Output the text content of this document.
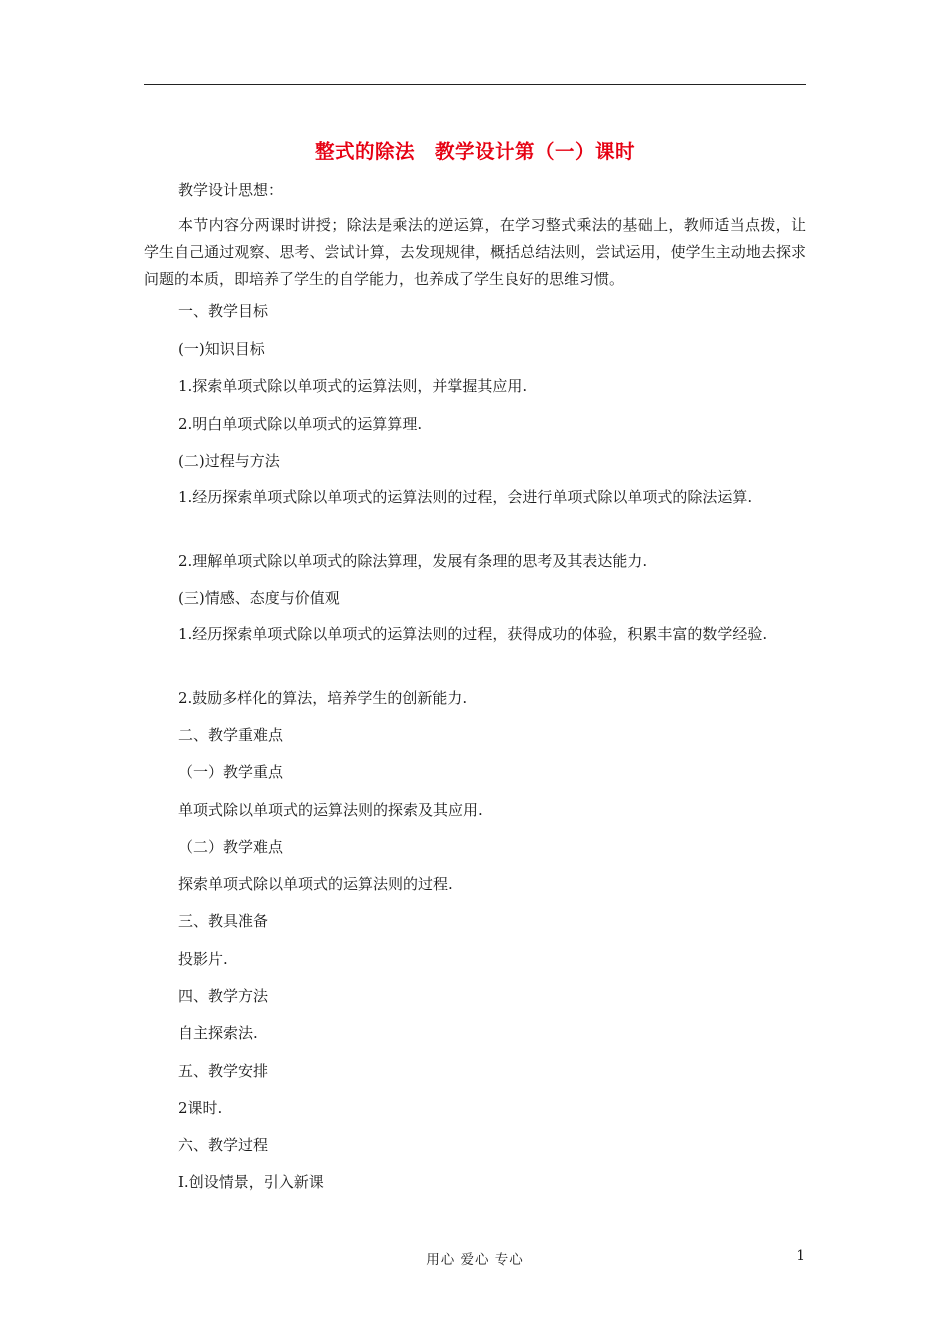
整式的除法　教学设计第（一）课时
教学设计思想：
本节内容分两课时讲授；除法是乘法的逆运算，在学习整式乘法的基础上，教师适当点拨，让学生自己通过观察、思考、尝试计算，去发现规律，概括总结法则，尝试运用，使学生主动地去探求问题的本质，即培养了学生的自学能力，也养成了学生良好的思维习惯。
一、教学目标
(一)知识目标
1.探索单项式除以单项式的运算法则，并掌握其应用.
2.明白单项式除以单项式的运算算理.
(二)过程与方法
1.经历探索单项式除以单项式的运算法则的过程，会进行单项式除以单项式的除法运算.
2.理解单项式除以单项式的除法算理，发展有条理的思考及其表达能力.
(三)情感、态度与价值观
1.经历探索单项式除以单项式的运算法则的过程，获得成功的体验，积累丰富的数学经验.
2.鼓励多样化的算法，培养学生的创新能力.
二、教学重难点
（一）教学重点
单项式除以单项式的运算法则的探索及其应用.
（二）教学难点
探索单项式除以单项式的运算法则的过程.
三、教具准备
投影片.
四、教学方法
自主探索法.
五、教学安排
2课时.
六、教学过程
Ⅰ.创设情景，引入新课
用心 爱心 专心	1
